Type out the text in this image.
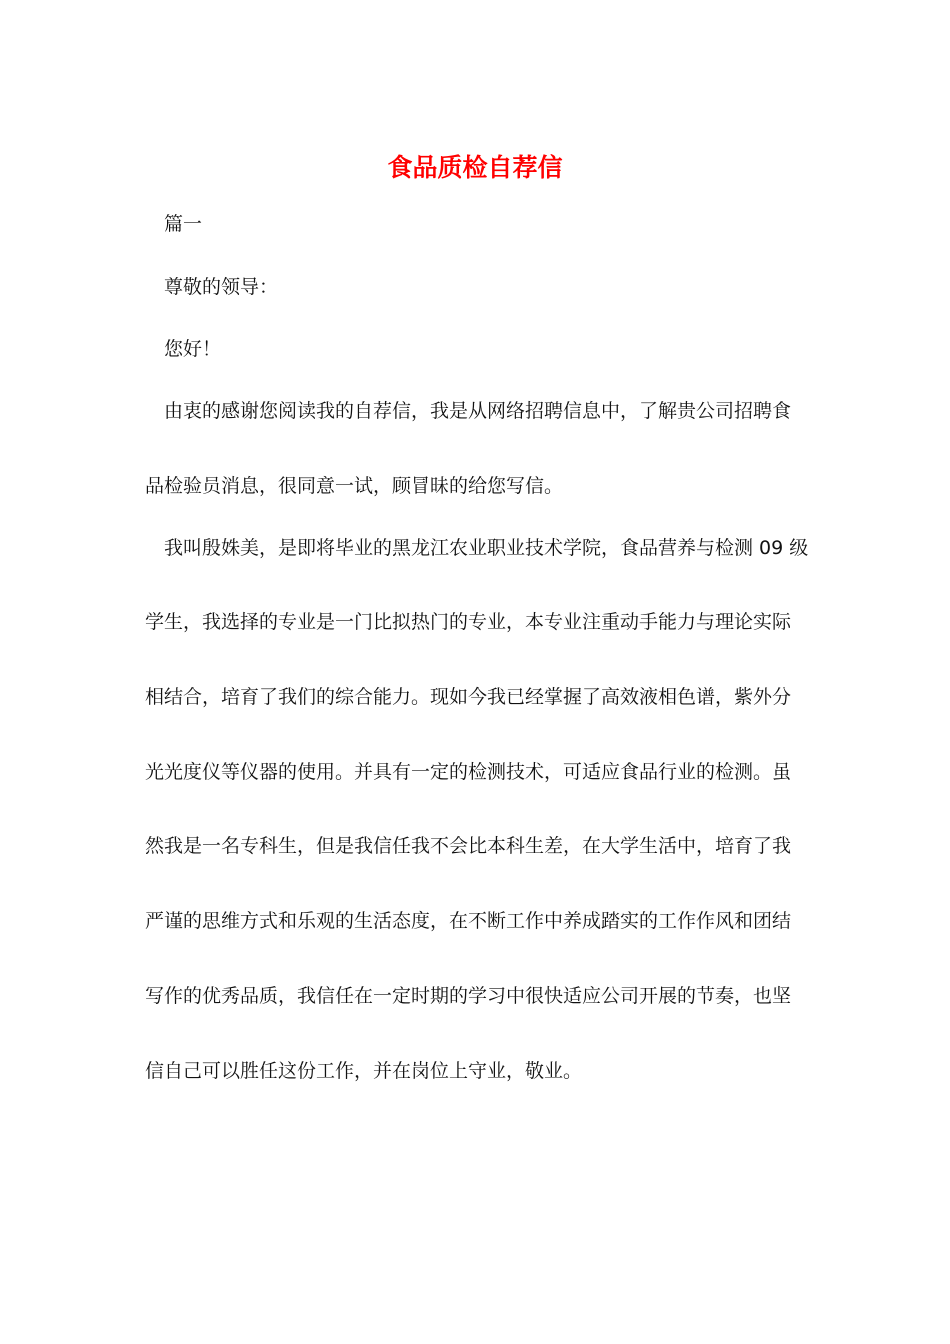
食品质检自荐信
篇一
尊敬的领导：
您好！
由衷的感谢您阅读我的自荐信，我是从网络招聘信息中，了解贵公司招聘食
品检验员消息，很同意一试，顾冒昧的给您写信。
我叫殷姝美，是即将毕业的黑龙江农业职业技术学院，食品营养与检测 09 级
学生，我选择的专业是一门比拟热门的专业，本专业注重动手能力与理论实际
相结合，培育了我们的综合能力。现如今我已经掌握了高效液相色谱，紫外分
光光度仪等仪器的使用。并具有一定的检测技术，可适应食品行业的检测。虽
然我是一名专科生，但是我信任我不会比本科生差，在大学生活中，培育了我
严谨的思维方式和乐观的生活态度，在不断工作中养成踏实的工作作风和团结
写作的优秀品质，我信任在一定时期的学习中很快适应公司开展的节奏，也坚
信自己可以胜任这份工作，并在岗位上守业，敬业。
